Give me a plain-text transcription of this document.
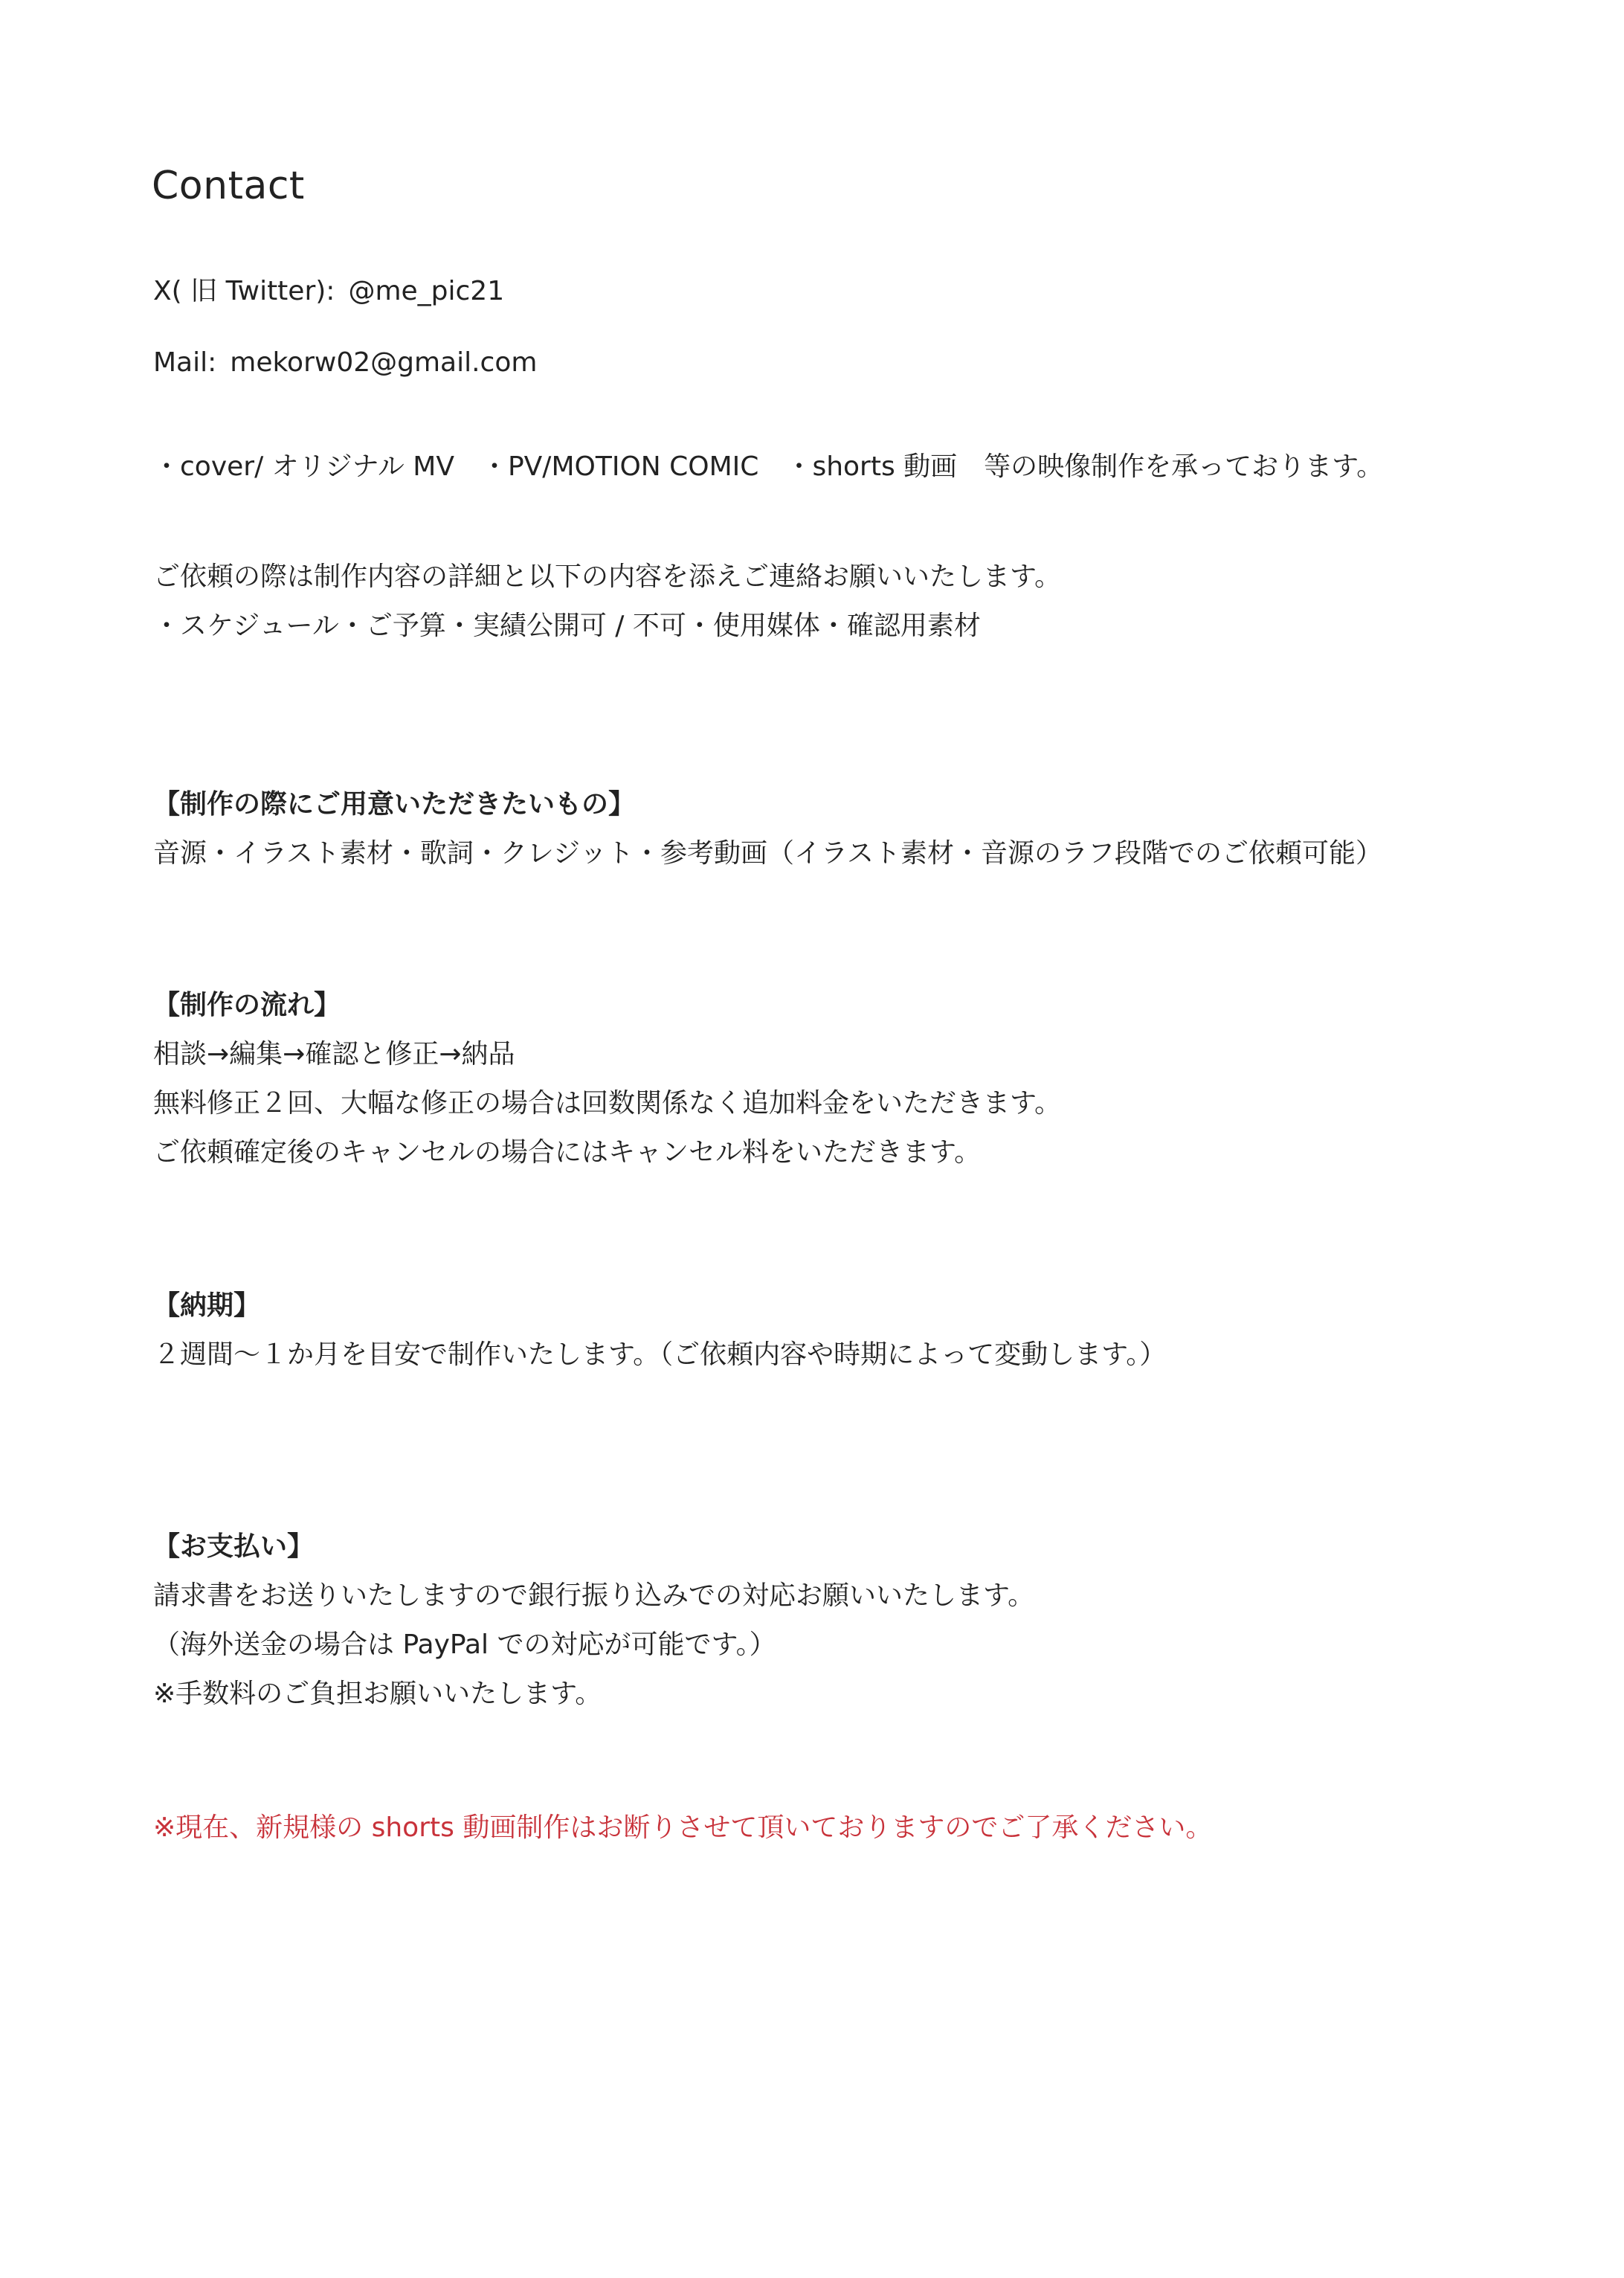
Contact
X( 旧 Twitter): @me_pic21
Mail: mekorw02@gmail.com
・cover/ オリジナル MV　・PV/MOTION COMIC　・shorts 動画　等の映像制作を承っております。
ご依頼の際は制作内容の詳細と以下の内容を添えご連絡お願いいたします。
・スケジュール・ご予算・実績公開可 / 不可・使用媒体・確認用素材
【制作の際にご用意いただきたいもの】
音源・イラスト素材・歌詞・クレジット・参考動画（イラスト素材・音源のラフ段階でのご依頼可能）
【制作の流れ】
相談→編集→確認と修正→納品
無料修正２回、大幅な修正の場合は回数関係なく追加料金をいただきます。
ご依頼確定後のキャンセルの場合にはキャンセル料をいただきます。
【納期】
２週間〜１か月を目安で制作いたします。（ご依頼内容や時期によって変動します。）
【お支払い】
請求書をお送りいたしますので銀行振り込みでの対応お願いいたします。
（海外送金の場合は PayPal での対応が可能です。）
※手数料のご負担お願いいたします。
※現在、新規様の shorts 動画制作はお断りさせて頂いておりますのでご了承ください。
